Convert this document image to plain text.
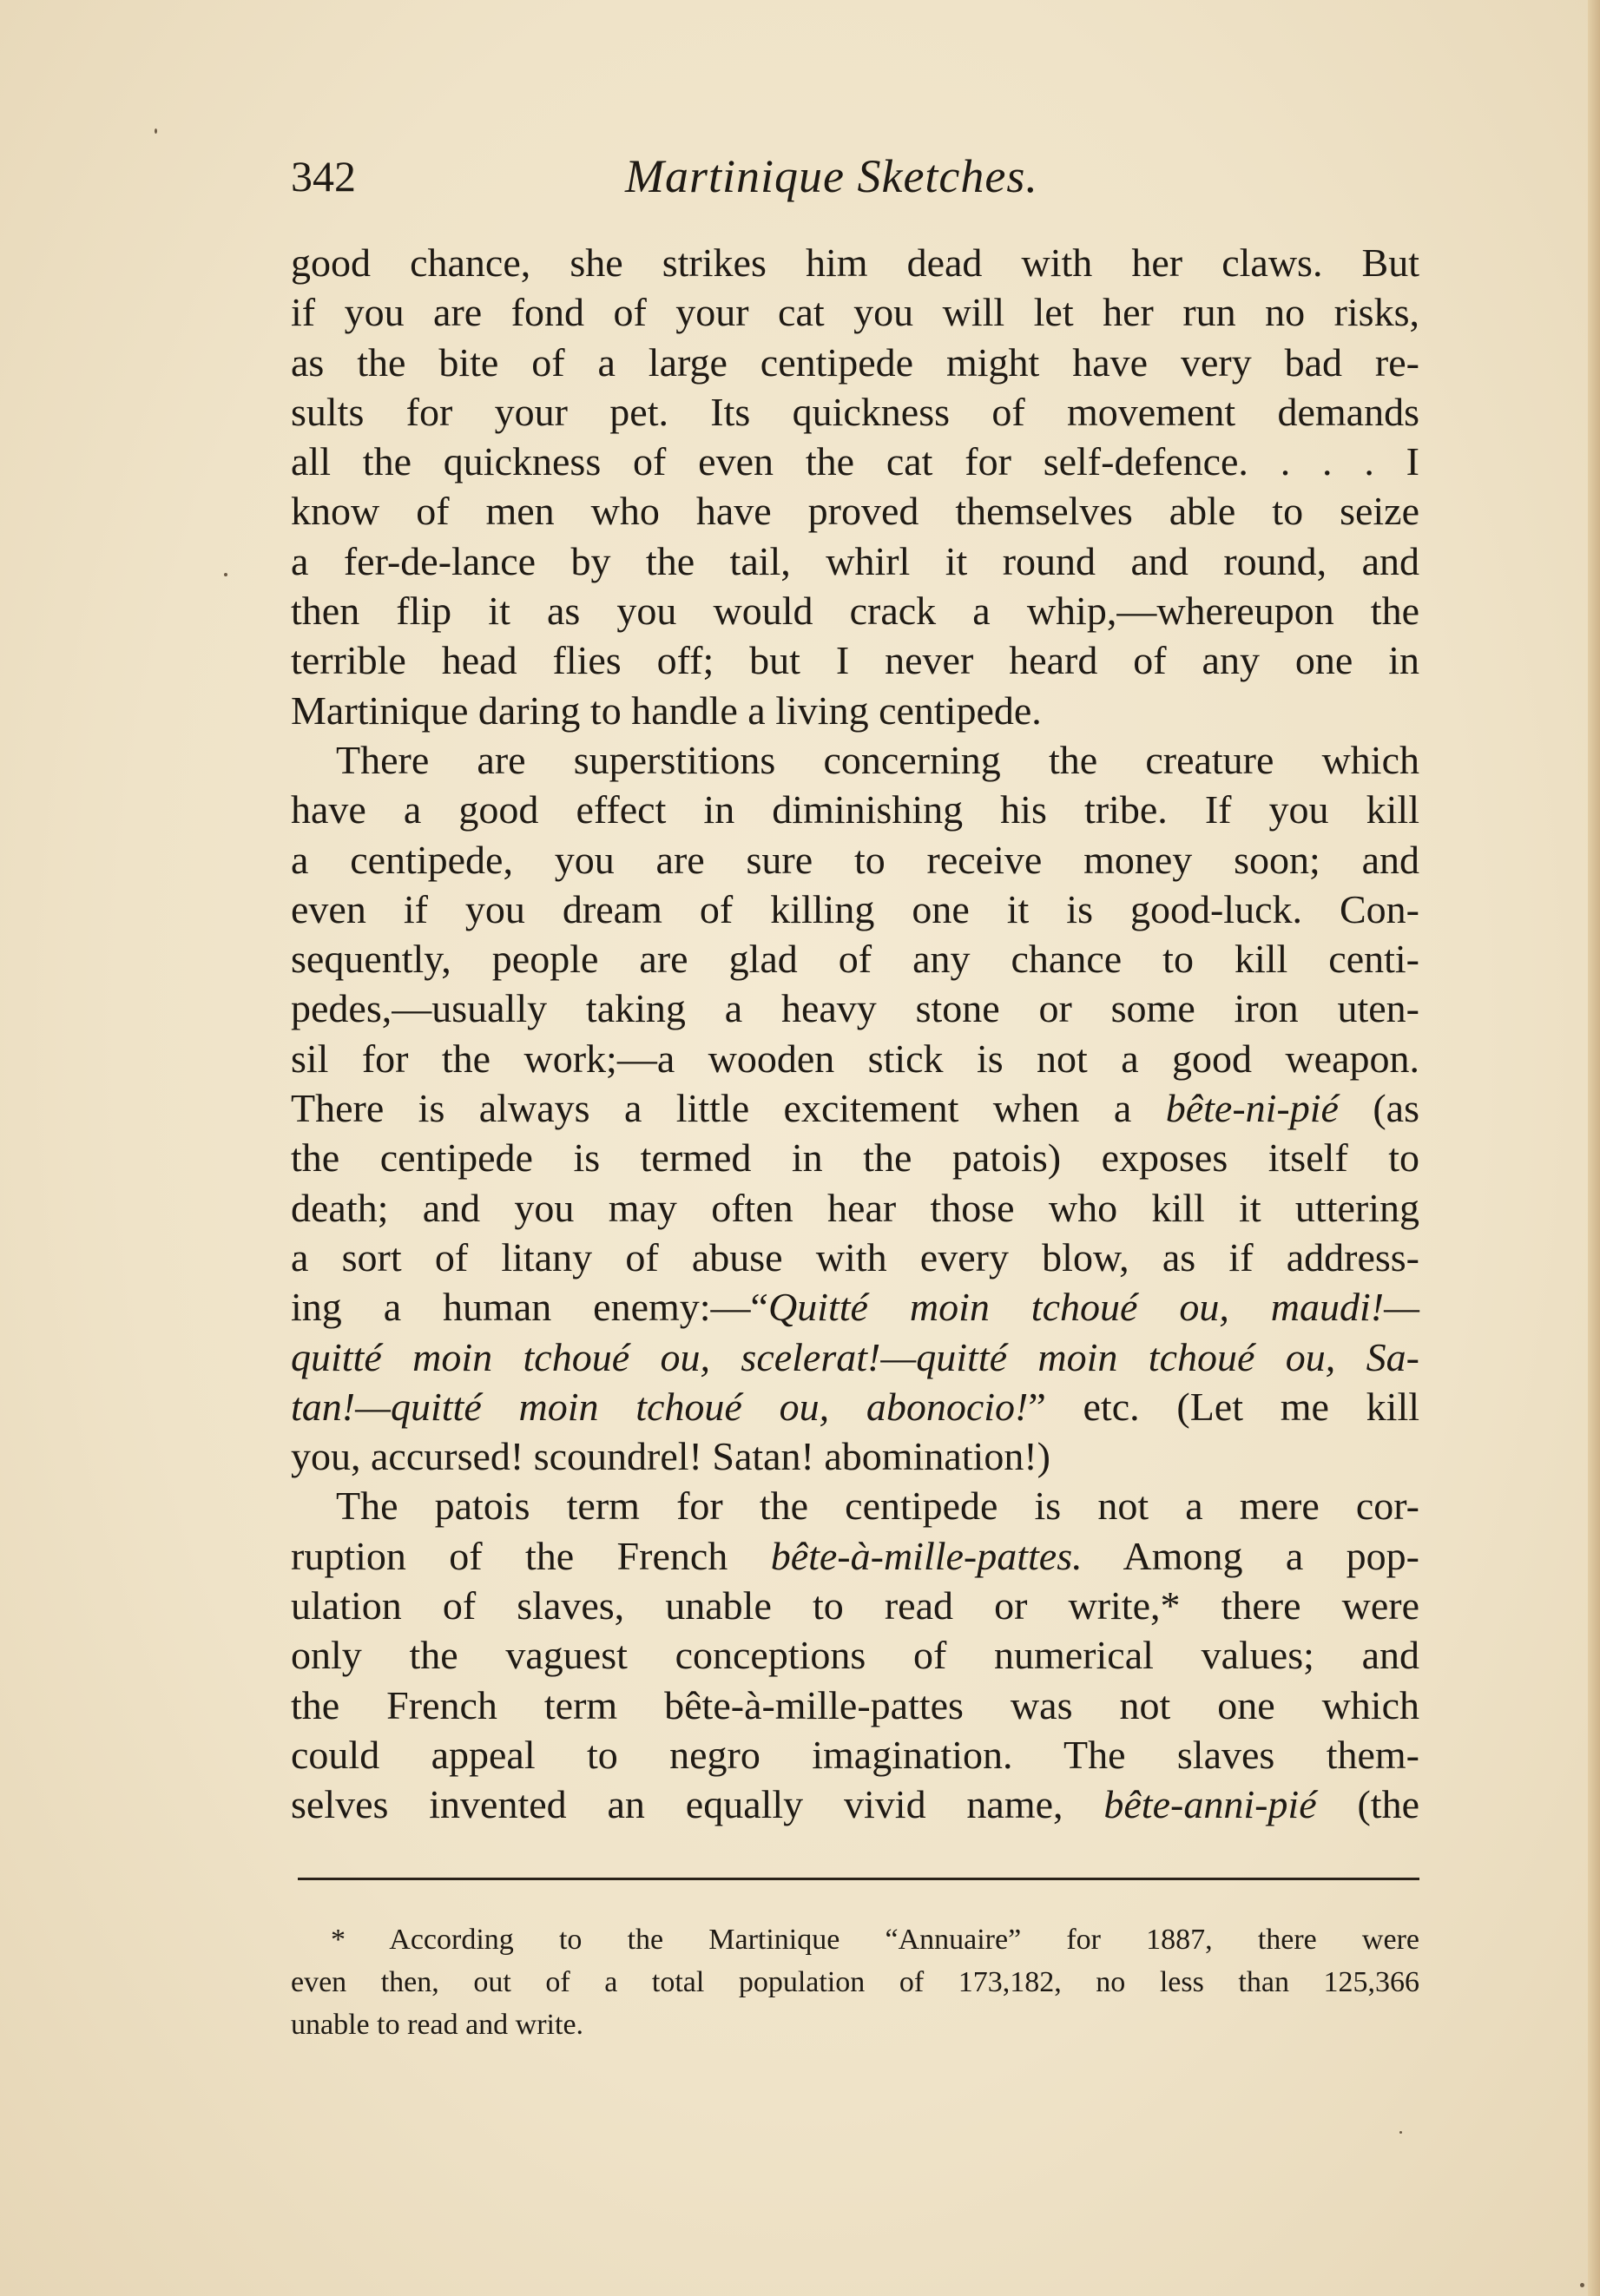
342	Martinique Sketches.
good chance, she strikes him dead with her claws. But
if you are fond of your cat you will let her run no risks,
as the bite of a large centipede might have very bad re-
sults for your pet. Its quickness of movement demands
all the quickness of even the cat for self-defence. . . . I
know of men who have proved themselves able to seize
a fer-de-lance by the tail, whirl it round and round, and
then flip it as you would crack a whip,—whereupon the
terrible head flies off; but I never heard of any one in
Martinique daring to handle a living centipede.
There are superstitions concerning the creature which
have a good effect in diminishing his tribe. If you kill
a centipede, you are sure to receive money soon; and
even if you dream of killing one it is good-luck. Con-
sequently, people are glad of any chance to kill centi-
pedes,—usually taking a heavy stone or some iron uten-
sil for the work;—a wooden stick is not a good weapon.
There is always a little excitement when a bête-ni-pié (as
the centipede is termed in the patois) exposes itself to
death; and you may often hear those who kill it uttering
a sort of litany of abuse with every blow, as if address-
ing a human enemy:—“Quitté moin tchoué ou, maudi!—
quitté moin tchoué ou, scelerat!—quitté moin tchoué ou, Sa-
tan!—quitté moin tchoué ou, abonocio!” etc. (Let me kill
you, accursed! scoundrel! Satan! abomination!)
The patois term for the centipede is not a mere cor-
ruption of the French bête-à-mille-pattes. Among a pop-
ulation of slaves, unable to read or write,* there were
only the vaguest conceptions of numerical values; and
the French term bête-à-mille-pattes was not one which
could appeal to negro imagination. The slaves them-
selves invented an equally vivid name, bête-anni-pié (the
* According to the Martinique “Annuaire” for 1887, there were
even then, out of a total population of 173,182, no less than 125,366
unable to read and write.
